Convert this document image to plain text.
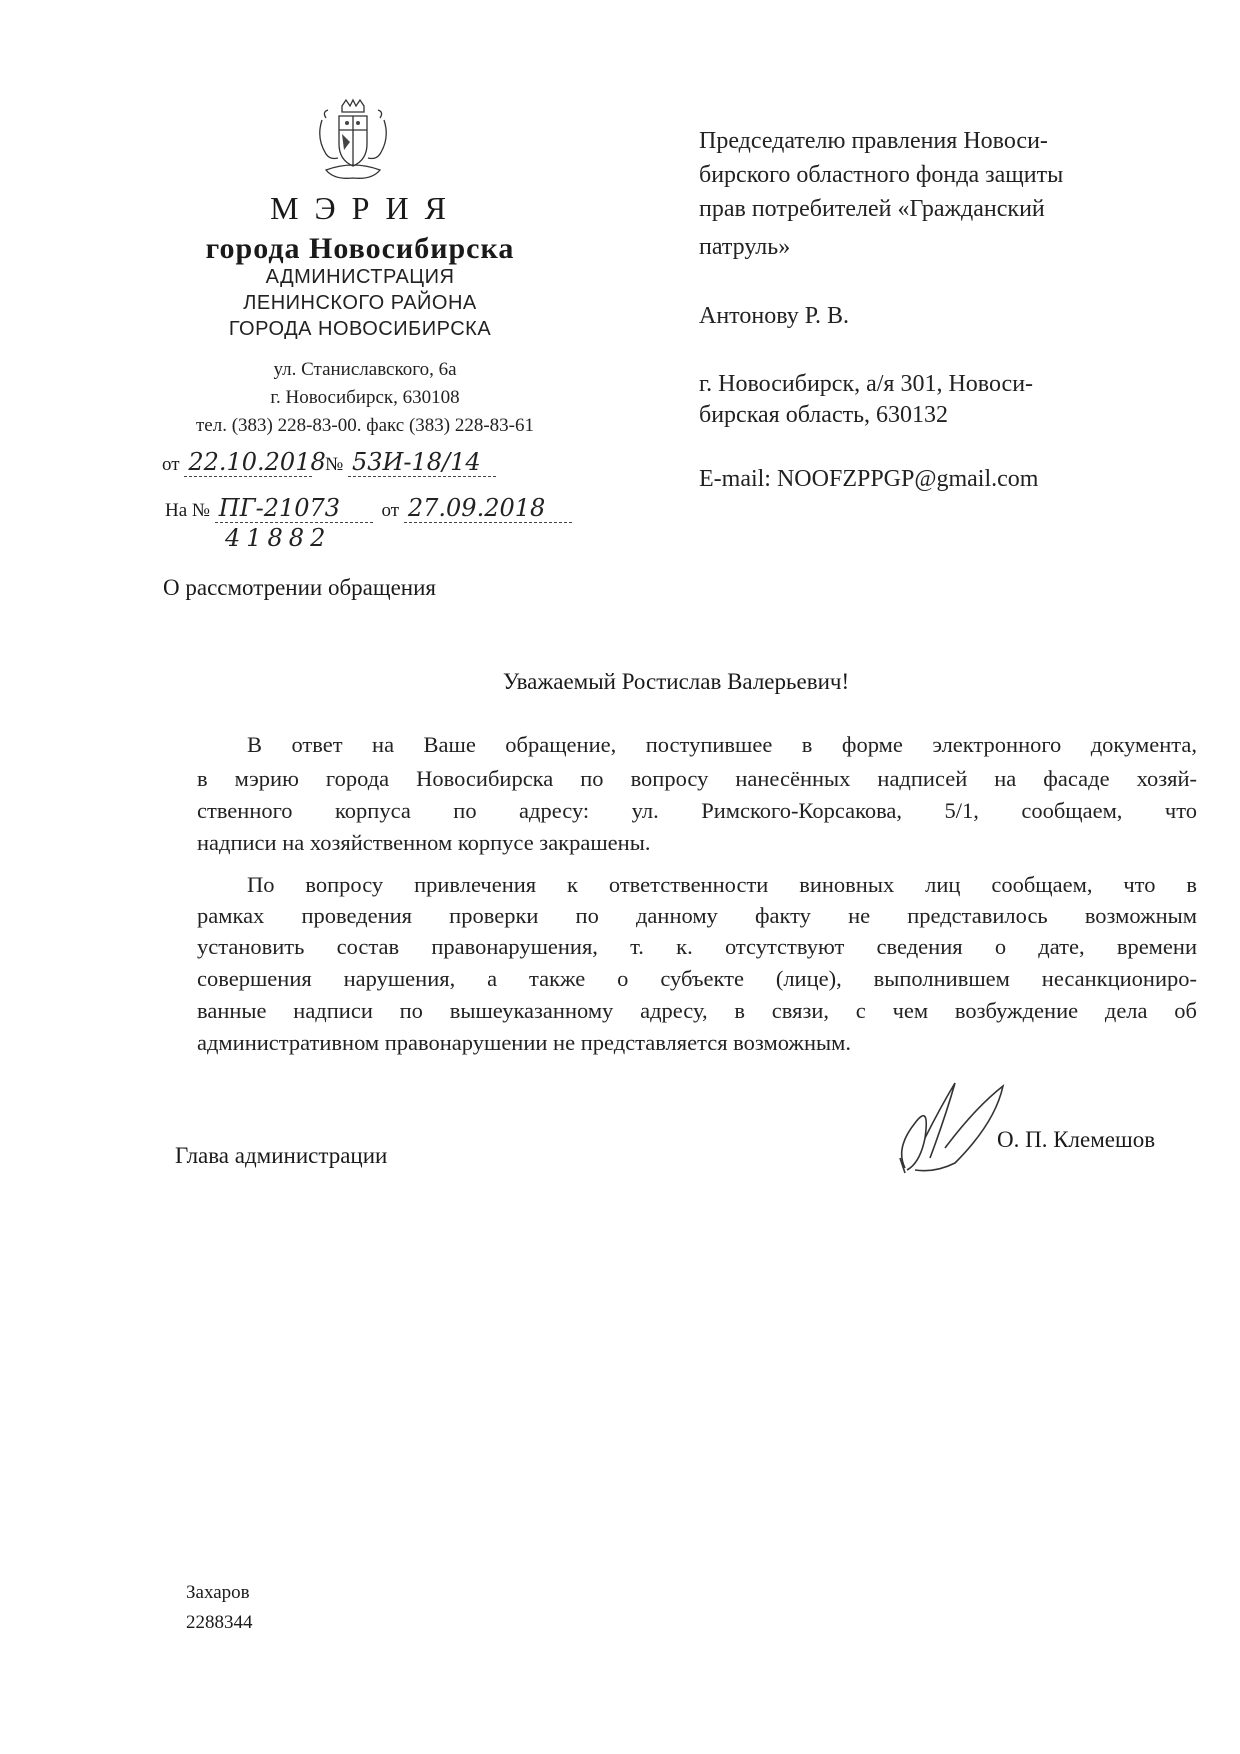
М Э Р И Я
города Новосибирска
АДМИНИСТРАЦИЯ
ЛЕНИНСКОГО РАЙОНА
ГОРОДА НОВОСИБИРСКА
ул. Станиславского, 6а
г. Новосибирск, 630108
тел. (383) 228-83-00. факс (383) 228-83-61
от 22.10.2018 № 53И-18/14
На № ПГ-21073 от 27.09.2018
41882
Председателю правления Новоси-
бирского областного фонда защиты
прав потребителей «Гражданский
патруль»
Антонову Р. В.
г. Новосибирск, а/я 301, Новоси-
бирская область, 630132
E-mail: NOOFZPPGP@gmail.com
О рассмотрении обращения
Уважаемый Ростислав Валерьевич!
В ответ на Ваше обращение, поступившее в форме электронного документа,
в мэрию города Новосибирска по вопросу нанесённых надписей на фасаде хозяй-
ственного корпуса по адресу: ул. Римского-Корсакова, 5/1, сообщаем, что
надписи на хозяйственном корпусе закрашены.
По вопросу привлечения к ответственности виновных лиц сообщаем, что в
рамках проведения проверки по данному факту не представилось возможным
установить состав правонарушения, т. к. отсутствуют сведения о дате, времени
совершения нарушения, а также о субъекте (лице), выполнившем несанкциониро-
ванные надписи по вышеуказанному адресу, в связи, с чем возбуждение дела об
административном правонарушении не представляется возможным.
Глава администрации
О. П. Клемешов
Захаров
2288344
